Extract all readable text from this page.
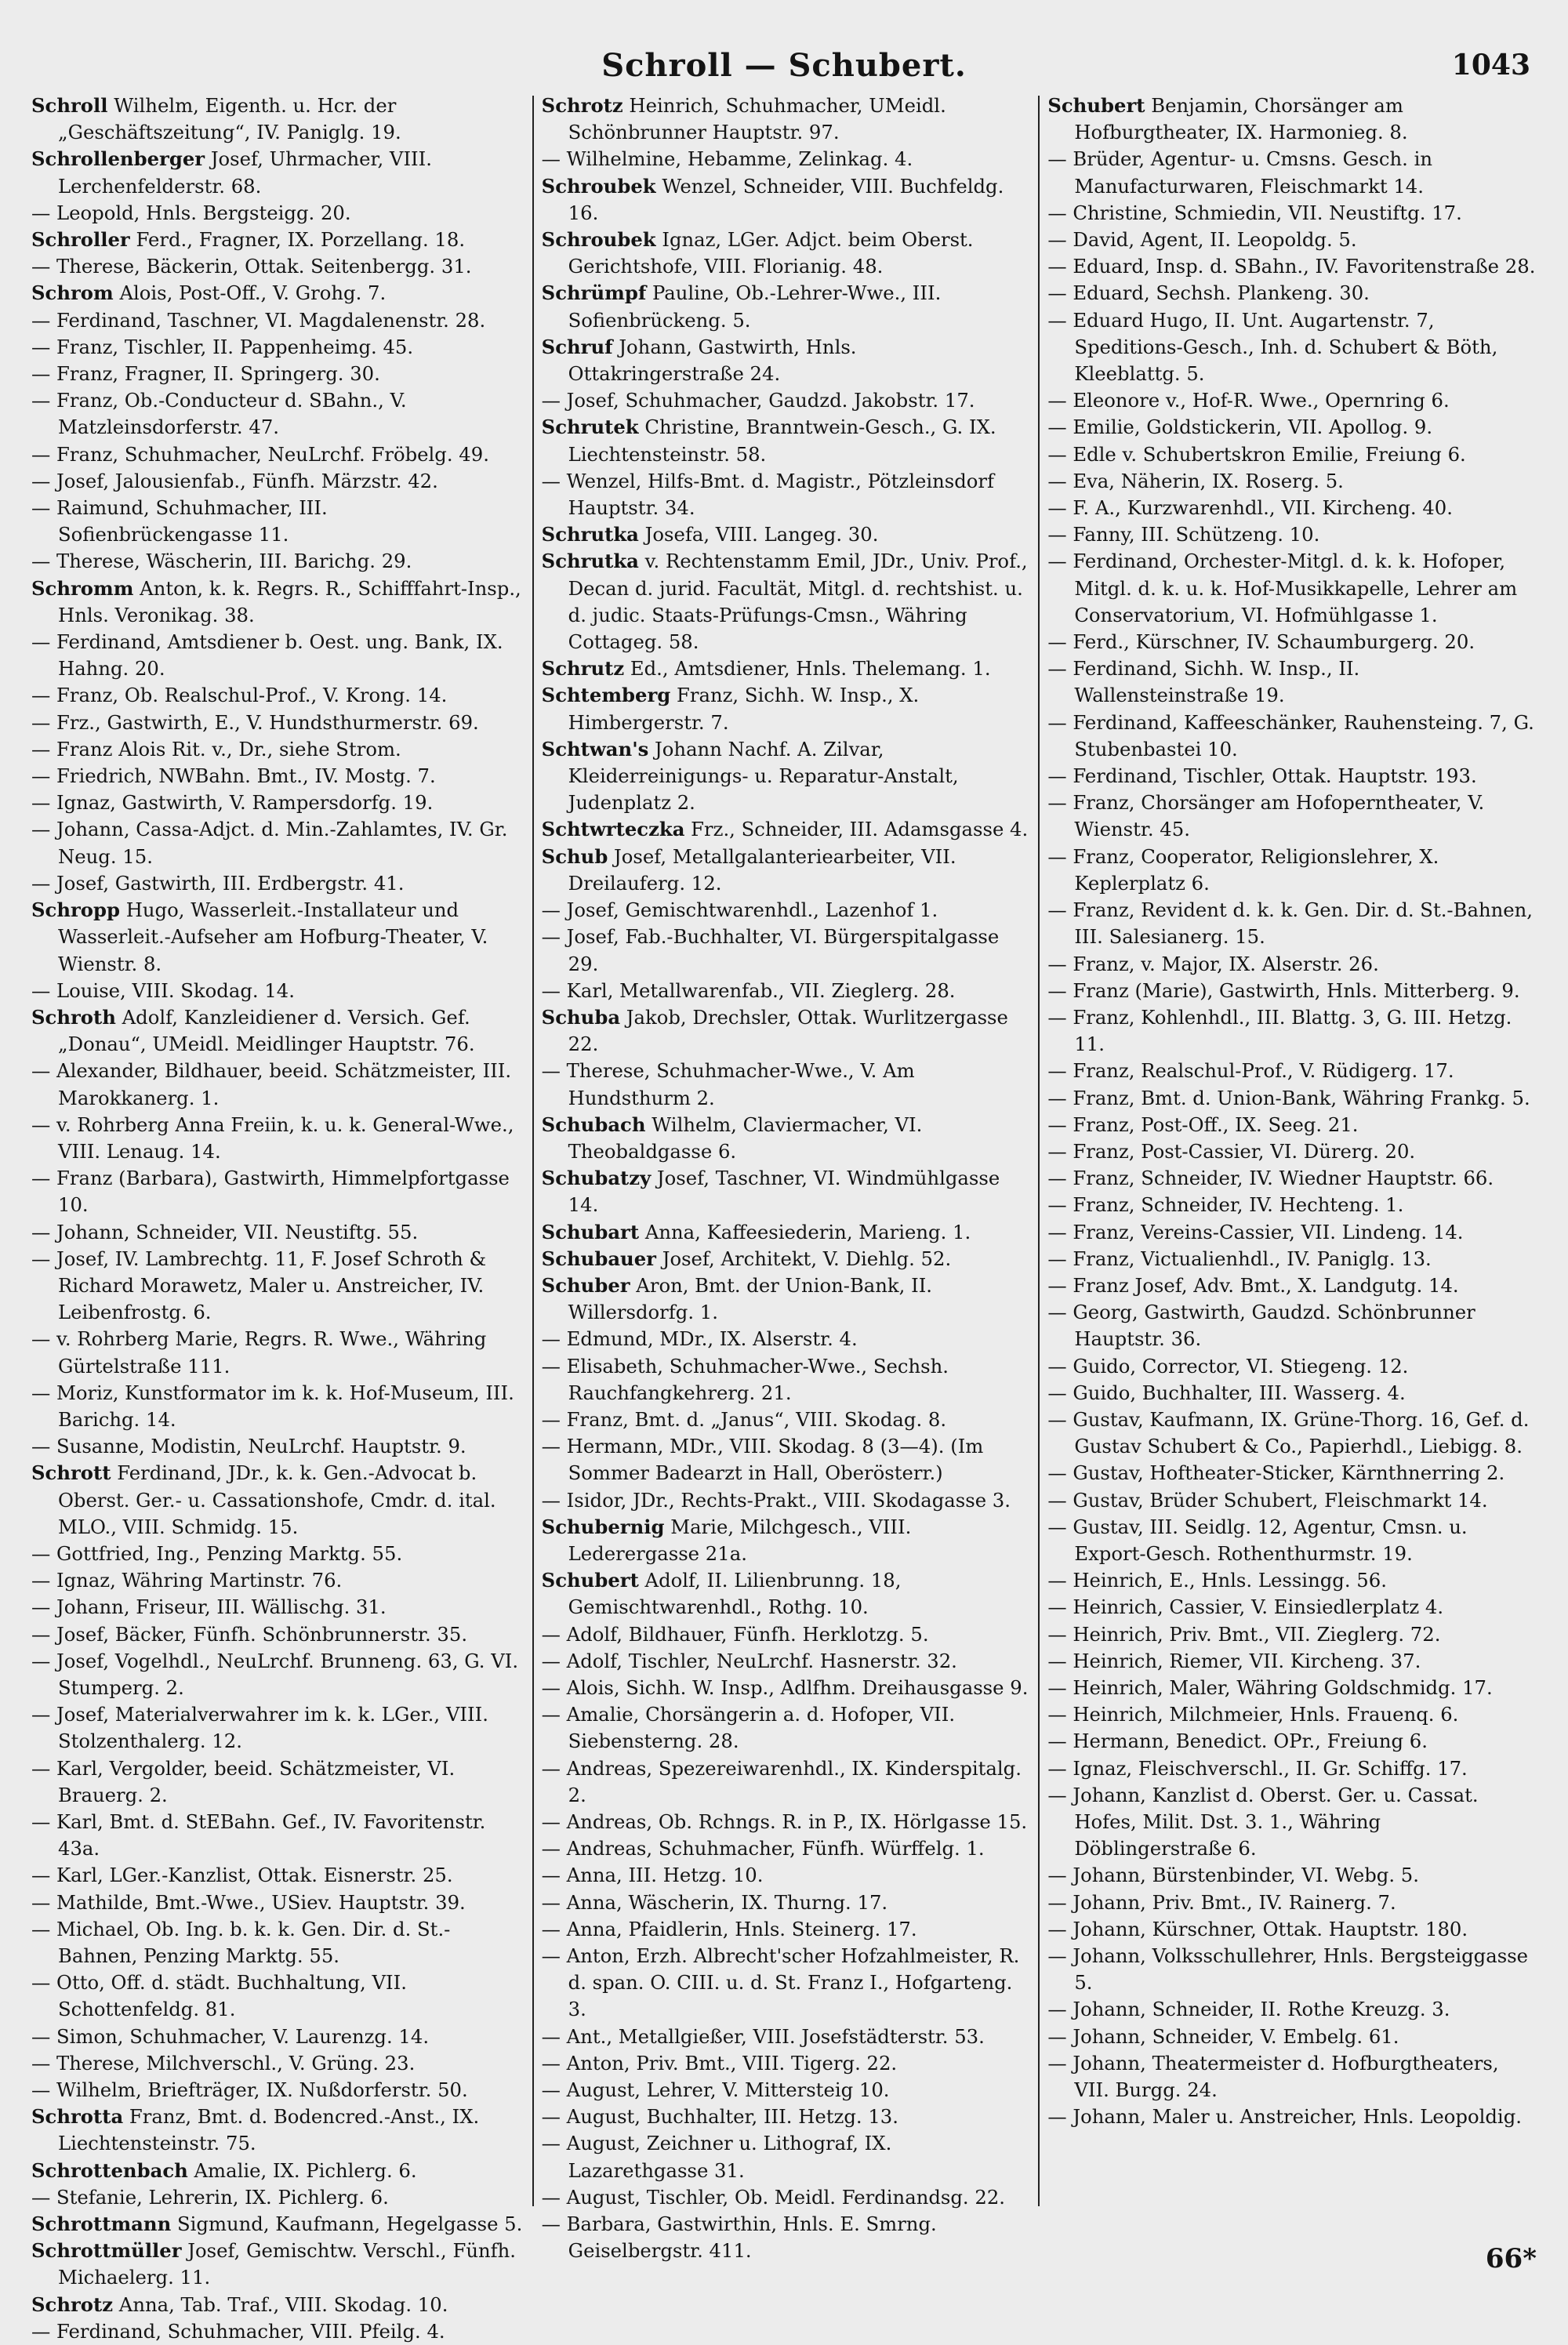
Schroll — Schubert.	1043

Schroll Wilhelm, Eigenth. u. Hcr. der „Geschäftszeitung“, IV. Paniglg. 19.

Schrollenberger Josef, Uhrmacher, VIII. Lerchenfelderstr. 68.

— Leopold, Hnls. Bergsteigg. 20.

Schroller Ferd., Fragner, IX. Porzellang. 18.

— Therese, Bäckerin, Ottak. Seitenbergg. 31.

Schrom Alois, Post-Off., V. Grohg. 7.

— Ferdinand, Taschner, VI. Magdalenenstr. 28.

— Franz, Tischler, II. Pappenheimg. 45.

— Franz, Fragner, II. Springerg. 30.

— Franz, Ob.-Conducteur d. SBahn., V. Matzleinsdorferstr. 47.

— Franz, Schuhmacher, NeuLrchf. Fröbelg. 49.

— Josef, Jalousienfab., Fünfh. Märzstr. 42.

— Raimund, Schuhmacher, III. Sofienbrückengasse 11.

— Therese, Wäscherin, III. Barichg. 29.

Schromm Anton, k. k. Regrs. R., Schifffahrt-Insp., Hnls. Veronikag. 38.

— Ferdinand, Amtsdiener b. Oest. ung. Bank, IX. Hahng. 20.

— Franz, Ob. Realschul-Prof., V. Krong. 14.

— Frz., Gastwirth, E., V. Hundsthurmerstr. 69.

— Franz Alois Rit. v., Dr., siehe Strom.

— Friedrich, NWBahn. Bmt., IV. Mostg. 7.

— Ignaz, Gastwirth, V. Rampersdorfg. 19.

— Johann, Cassa-Adjct. d. Min.-Zahlamtes, IV. Gr. Neug. 15.

— Josef, Gastwirth, III. Erdbergstr. 41.

Schropp Hugo, Wasserleit.-Installateur und Wasserleit.-Aufseher am Hofburg-Theater, V. Wienstr. 8.

— Louise, VIII. Skodag. 14.

Schroth Adolf, Kanzleidiener d. Versich. Gef. „Donau“, UMeidl. Meidlinger Hauptstr. 76.

— Alexander, Bildhauer, beeid. Schätzmeister, III. Marokkanerg. 1.

— v. Rohrberg Anna Freiin, k. u. k. General-Wwe., VIII. Lenaug. 14.

— Franz (Barbara), Gastwirth, Himmelpfortgasse 10.

— Johann, Schneider, VII. Neustiftg. 55.

— Josef, IV. Lambrechtg. 11, F. Josef Schroth & Richard Morawetz, Maler u. Anstreicher, IV. Leibenfrostg. 6.

— v. Rohrberg Marie, Regrs. R. Wwe., Währing Gürtelstraße 111.

— Moriz, Kunstformator im k. k. Hof-Museum, III. Barichg. 14.

— Susanne, Modistin, NeuLrchf. Hauptstr. 9.

Schrott Ferdinand, JDr., k. k. Gen.-Advocat b. Oberst. Ger.- u. Cassationshofe, Cmdr. d. ital. MLO., VIII. Schmidg. 15.

— Gottfried, Ing., Penzing Marktg. 55.

— Ignaz, Währing Martinstr. 76.

— Johann, Friseur, III. Wällischg. 31.

— Josef, Bäcker, Fünfh. Schönbrunnerstr. 35.

— Josef, Vogelhdl., NeuLrchf. Brunneng. 63, G. VI. Stumperg. 2.

— Josef, Materialverwahrer im k. k. LGer., VIII. Stolzenthalerg. 12.

— Karl, Vergolder, beeid. Schätzmeister, VI. Brauerg. 2.

— Karl, Bmt. d. StEBahn. Gef., IV. Favoritenstr. 43a.

— Karl, LGer.-Kanzlist, Ottak. Eisnerstr. 25.

— Mathilde, Bmt.-Wwe., USiev. Hauptstr. 39.

— Michael, Ob. Ing. b. k. k. Gen. Dir. d. St.-Bahnen, Penzing Marktg. 55.

— Otto, Off. d. städt. Buchhaltung, VII. Schottenfeldg. 81.

— Simon, Schuhmacher, V. Laurenzg. 14.

— Therese, Milchverschl., V. Grüng. 23.

— Wilhelm, Briefträger, IX. Nußdorferstr. 50.

Schrotta Franz, Bmt. d. Bodencred.-Anst., IX. Liechtensteinstr. 75.

Schrottenbach Amalie, IX. Pichlerg. 6.

— Stefanie, Lehrerin, IX. Pichlerg. 6.

Schrottmann Sigmund, Kaufmann, Hegelgasse 5.

Schrottmüller Josef, Gemischtw. Verschl., Fünfh. Michaelerg. 11.

Schrotz Anna, Tab. Traf., VIII. Skodag. 10.

— Ferdinand, Schuhmacher, VIII. Pfeilg. 4.

Schrotz Heinrich, Schuhmacher, UMeidl. Schönbrunner Hauptstr. 97.

— Wilhelmine, Hebamme, Zelinkag. 4.

Schroubek Wenzel, Schneider, VIII. Buchfeldg. 16.

Schroubek Ignaz, LGer. Adjct. beim Oberst. Gerichtshofe, VIII. Florianig. 48.

Schrümpf Pauline, Ob.-Lehrer-Wwe., III. Sofienbrückeng. 5.

Schruf Johann, Gastwirth, Hnls. Ottakringerstraße 24.

— Josef, Schuhmacher, Gaudzd. Jakobstr. 17.

Schrutek Christine, Branntwein-Gesch., G. IX. Liechtensteinstr. 58.

— Wenzel, Hilfs-Bmt. d. Magistr., Pötzleinsdorf Hauptstr. 34.

Schrutka Josefa, VIII. Langeg. 30.

Schrutka v. Rechtenstamm Emil, JDr., Univ. Prof., Decan d. jurid. Facultät, Mitgl. d. rechtshist. u. d. judic. Staats-Prüfungs-Cmsn., Währing Cottageg. 58.

Schrutz Ed., Amtsdiener, Hnls. Thelemang. 1.

Schtemberg Franz, Sichh. W. Insp., X. Himbergerstr. 7.

Schtwan's Johann Nachf. A. Zilvar, Kleiderreinigungs- u. Reparatur-Anstalt, Judenplatz 2.

Schtwrteczka Frz., Schneider, III. Adamsgasse 4.

Schub Josef, Metallgalanteriearbeiter, VII. Dreilauferg. 12.

— Josef, Gemischtwarenhdl., Lazenhof 1.

— Josef, Fab.-Buchhalter, VI. Bürgerspitalgasse 29.

— Karl, Metallwarenfab., VII. Zieglerg. 28.

Schuba Jakob, Drechsler, Ottak. Wurlitzergasse 22.

— Therese, Schuhmacher-Wwe., V. Am Hundsthurm 2.

Schubach Wilhelm, Claviermacher, VI. Theobaldgasse 6.

Schubatzy Josef, Taschner, VI. Windmühlgasse 14.

Schubart Anna, Kaffeesiederin, Marieng. 1.

Schubauer Josef, Architekt, V. Diehlg. 52.

Schuber Aron, Bmt. der Union-Bank, II. Willersdorfg. 1.

— Edmund, MDr., IX. Alserstr. 4.

— Elisabeth, Schuhmacher-Wwe., Sechsh. Rauchfangkehrerg. 21.

— Franz, Bmt. d. „Janus“, VIII. Skodag. 8.

— Hermann, MDr., VIII. Skodag. 8 (3—4). (Im Sommer Badearzt in Hall, Oberösterr.)

— Isidor, JDr., Rechts-Prakt., VIII. Skodagasse 3.

Schubernig Marie, Milchgesch., VIII. Lederergasse 21a.

Schubert Adolf, II. Lilienbrunng. 18, Gemischtwarenhdl., Rothg. 10.

— Adolf, Bildhauer, Fünfh. Herklotzg. 5.

— Adolf, Tischler, NeuLrchf. Hasnerstr. 32.

— Alois, Sichh. W. Insp., Adlfhm. Dreihausgasse 9.

— Amalie, Chorsängerin a. d. Hofoper, VII. Siebensterng. 28.

— Andreas, Spezereiwarenhdl., IX. Kinderspitalg. 2.

— Andreas, Ob. Rchngs. R. in P., IX. Hörlgasse 15.

— Andreas, Schuhmacher, Fünfh. Würffelg. 1.

— Anna, III. Hetzg. 10.

— Anna, Wäscherin, IX. Thurng. 17.

— Anna, Pfaidlerin, Hnls. Steinerg. 17.

— Anton, Erzh. Albrecht'scher Hofzahlmeister, R. d. span. O. CIII. u. d. St. Franz I., Hofgarteng. 3.

— Ant., Metallgießer, VIII. Josefstädterstr. 53.

— Anton, Priv. Bmt., VIII. Tigerg. 22.

— August, Lehrer, V. Mittersteig 10.

— August, Buchhalter, III. Hetzg. 13.

— August, Zeichner u. Lithograf, IX. Lazarethgasse 31.

— August, Tischler, Ob. Meidl. Ferdinandsg. 22.

— Barbara, Gastwirthin, Hnls. E. Smrng. Geiselbergstr. 411.

Schubert Benjamin, Chorsänger am Hofburgtheater, IX. Harmonieg. 8.

— Brüder, Agentur- u. Cmsns. Gesch. in Manufacturwaren, Fleischmarkt 14.

— Christine, Schmiedin, VII. Neustiftg. 17.

— David, Agent, II. Leopoldg. 5.

— Eduard, Insp. d. SBahn., IV. Favoritenstraße 28.

— Eduard, Sechsh. Plankeng. 30.

— Eduard Hugo, II. Unt. Augartenstr. 7, Speditions-Gesch., Inh. d. Schubert & Böth, Kleeblattg. 5.

— Eleonore v., Hof-R. Wwe., Opernring 6.

— Emilie, Goldstickerin, VII. Apollog. 9.

— Edle v. Schubertskron Emilie, Freiung 6.

— Eva, Näherin, IX. Roserg. 5.

— F. A., Kurzwarenhdl., VII. Kircheng. 40.

— Fanny, III. Schützeng. 10.

— Ferdinand, Orchester-Mitgl. d. k. k. Hofoper, Mitgl. d. k. u. k. Hof-Musikkapelle, Lehrer am Conservatorium, VI. Hofmühlgasse 1.

— Ferd., Kürschner, IV. Schaumburgerg. 20.

— Ferdinand, Sichh. W. Insp., II. Wallensteinstraße 19.

— Ferdinand, Kaffeeschänker, Rauhensteing. 7, G. Stubenbastei 10.

— Ferdinand, Tischler, Ottak. Hauptstr. 193.

— Franz, Chorsänger am Hofoperntheater, V. Wienstr. 45.

— Franz, Cooperator, Religionslehrer, X. Keplerplatz 6.

— Franz, Revident d. k. k. Gen. Dir. d. St.-Bahnen, III. Salesianerg. 15.

— Franz, v. Major, IX. Alserstr. 26.

— Franz (Marie), Gastwirth, Hnls. Mitterberg. 9.

— Franz, Kohlenhdl., III. Blattg. 3, G. III. Hetzg. 11.

— Franz, Realschul-Prof., V. Rüdigerg. 17.

— Franz, Bmt. d. Union-Bank, Währing Frankg. 5.

— Franz, Post-Off., IX. Seeg. 21.

— Franz, Post-Cassier, VI. Dürerg. 20.

— Franz, Schneider, IV. Wiedner Hauptstr. 66.

— Franz, Schneider, IV. Hechteng. 1.

— Franz, Vereins-Cassier, VII. Lindeng. 14.

— Franz, Victualienhdl., IV. Paniglg. 13.

— Franz Josef, Adv. Bmt., X. Landgutg. 14.

— Georg, Gastwirth, Gaudzd. Schönbrunner Hauptstr. 36.

— Guido, Corrector, VI. Stiegeng. 12.

— Guido, Buchhalter, III. Wasserg. 4.

— Gustav, Kaufmann, IX. Grüne-Thorg. 16, Gef. d. Gustav Schubert & Co., Papierhdl., Liebigg. 8.

— Gustav, Hoftheater-Sticker, Kärnthnerring 2.

— Gustav, Brüder Schubert, Fleischmarkt 14.

— Gustav, III. Seidlg. 12, Agentur, Cmsn. u. Export-Gesch. Rothenthurmstr. 19.

— Heinrich, E., Hnls. Lessingg. 56.

— Heinrich, Cassier, V. Einsiedlerplatz 4.

— Heinrich, Priv. Bmt., VII. Zieglerg. 72.

— Heinrich, Riemer, VII. Kircheng. 37.

— Heinrich, Maler, Währing Goldschmidg. 17.

— Heinrich, Milchmeier, Hnls. Frauenq. 6.

— Hermann, Benedict. OPr., Freiung 6.

— Ignaz, Fleischverschl., II. Gr. Schiffg. 17.

— Johann, Kanzlist d. Oberst. Ger. u. Cassat. Hofes, Milit. Dst. 3. 1., Währing Döblingerstraße 6.

— Johann, Bürstenbinder, VI. Webg. 5.

— Johann, Priv. Bmt., IV. Rainerg. 7.

— Johann, Kürschner, Ottak. Hauptstr. 180.

— Johann, Volksschullehrer, Hnls. Bergsteiggasse 5.

— Johann, Schneider, II. Rothe Kreuzg. 3.

— Johann, Schneider, V. Embelg. 61.

— Johann, Theatermeister d. Hofburgtheaters, VII. Burgg. 24.

— Johann, Maler u. Anstreicher, Hnls. Leopoldig.

66*
